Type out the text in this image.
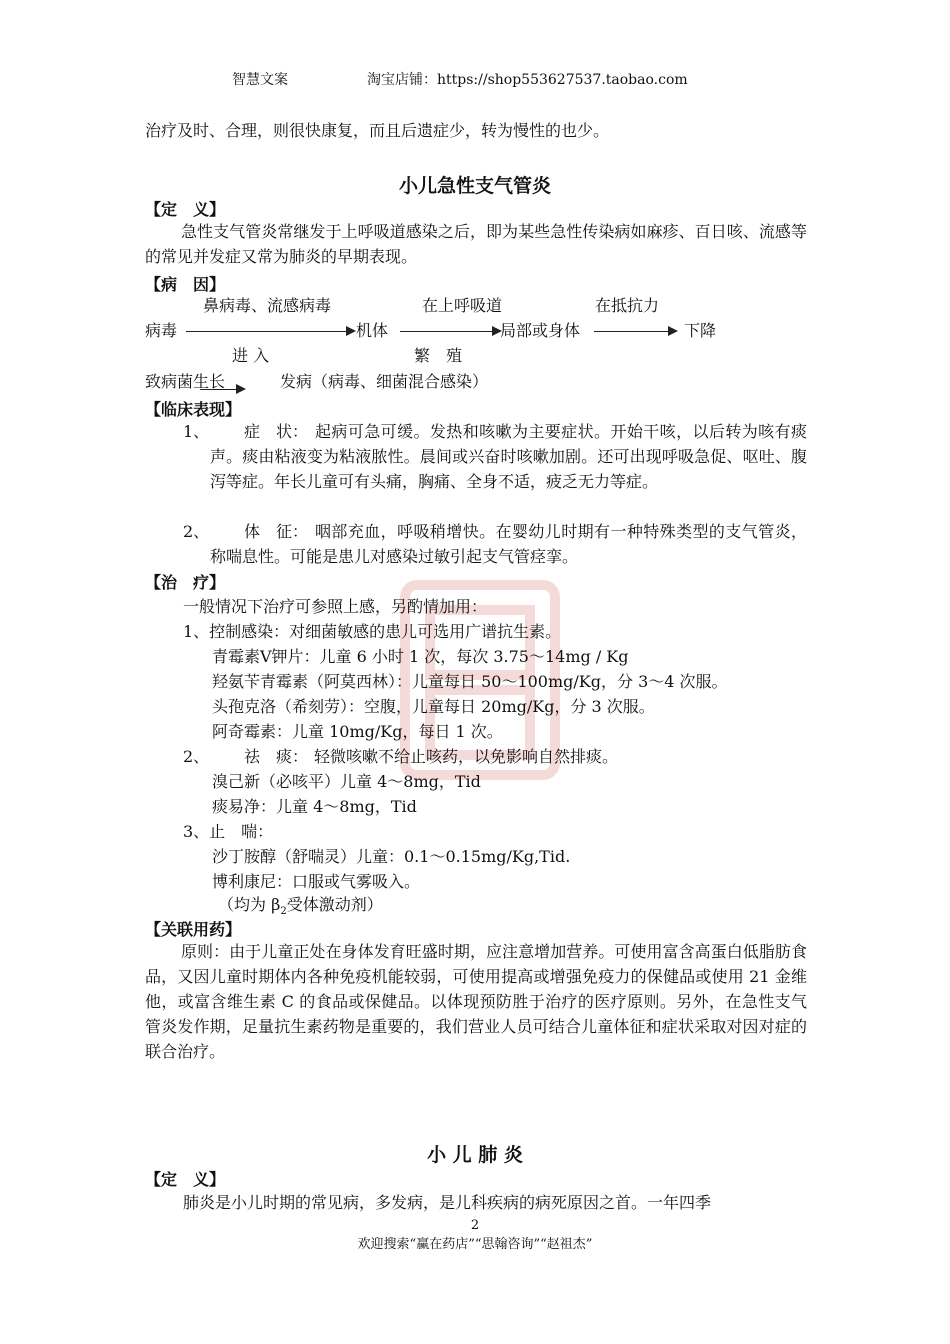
智慧文案	淘宝店铺：https://shop553627537.taobao.com
治疗及时、合理，则很快康复，而且后遗症少，转为慢性的也少。
小儿急性支气管炎
【定　义】
急性支气管炎常继发于上呼吸道感染之后，即为某些急性传染病如麻疹、百日咳、流感等的常见并发症又常为肺炎的早期表现。
【病　因】
鼻病毒、流感病毒	在上呼吸道	在抵抗力
病毒	机体	局部或身体	下降
进 入	繁　殖
致病菌生长	发病（病毒、细菌混合感染）
【临床表现】
1、 症　状： 起病可急可缓。发热和咳嗽为主要症状。开始干咳，以后转为咳有痰声。痰由粘液变为粘液脓性。晨间或兴奋时咳嗽加剧。还可出现呼吸急促、呕吐、腹泻等症。年长儿童可有头痛，胸痛、全身不适，疲乏无力等症。
2、 体　征： 咽部充血，呼吸稍增快。在婴幼儿时期有一种特殊类型的支气管炎，称喘息性。可能是患儿对感染过敏引起支气管痉挛。
【治　疗】
一般情况下治疗可参照上感，另酌情加用：
1、控制感染：对细菌敏感的患儿可选用广谱抗生素。
青霉素Ⅴ钾片：儿童 6 小时 1 次，每次 3.75～14mg / Kg
羟氨苄青霉素（阿莫西林）：儿童每日 50～100mg/Kg，分 3～4 次服。
头孢克洛（希刻劳）：空腹，儿童每日 20mg/Kg，分 3 次服。
阿奇霉素：儿童 10mg/Kg，每日 1 次。
2、 祛　痰： 轻微咳嗽不给止咳药，以免影响自然排痰。
溴己新（必咳平）儿童 4～8mg，Tid
痰易净：儿童 4～8mg，Tid
3、止　喘：
沙丁胺醇（舒喘灵）儿童：0.1～0.15mg/Kg,Tid.
博利康尼：口服或气雾吸入。
（均为 $\beta_2$受体激动剂）
【关联用药】
原则：由于儿童正处在身体发育旺盛时期，应注意增加营养。可使用富含高蛋白低脂肪食品，又因儿童时期体内各种免疫机能较弱，可使用提高或增强免疫力的保健品或使用 21 金维他，或富含维生素 C 的食品或保健品。以体现预防胜于治疗的医疗原则。另外，在急性支气管炎发作期，足量抗生素药物是重要的，我们营业人员可结合儿童体征和症状采取对因对症的联合治疗。
小 儿 肺 炎
【定　义】
肺炎是小儿时期的常见病，多发病，是儿科疾病的病死原因之首。一年四季
2
欢迎搜索“赢在药店”“思翰咨询”“赵祖杰”
